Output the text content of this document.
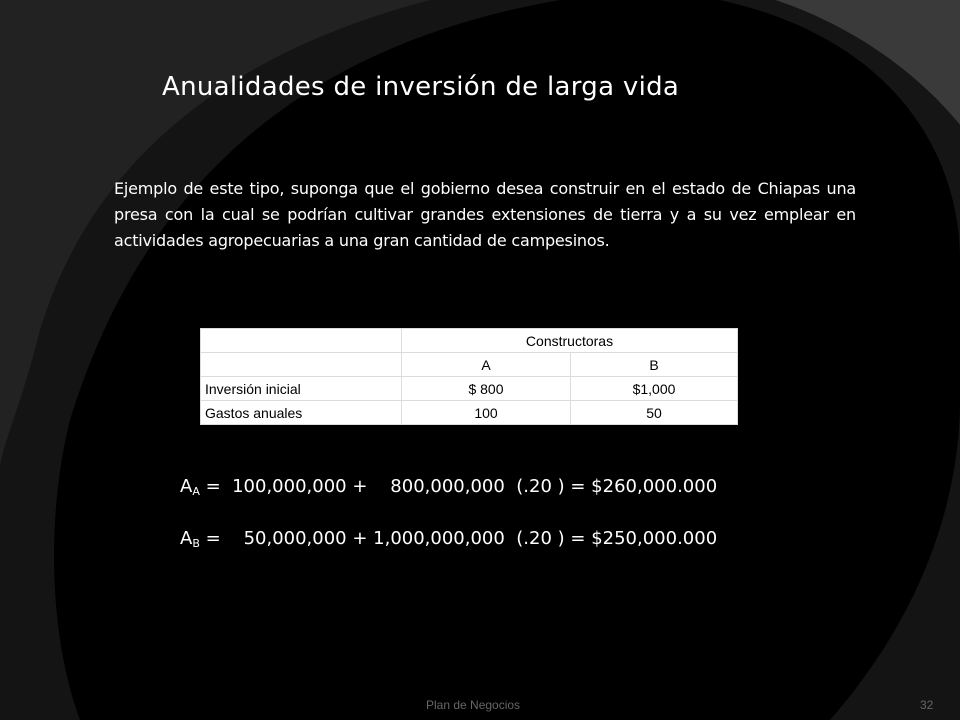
Anualidades de inversión de larga vida

Ejemplo de este tipo, suponga que el gobierno desea construir en el estado de Chiapas una presa con la cual se podrían cultivar grandes extensiones de tierra y a su vez emplear en actividades agropecuarias a una gran cantidad de campesinos.

	Constructoras	
	A	B
Inversión inicial	$ 800	$1,000
Gastos anuales	100	50

$A_A = 100,000,000$ +    800,000,000  (.20 ) = $260,000.000

$A_B$ =    50,000,000 + 1,000,000,000  (.20 ) = $250,000.000

Plan de Negocios	32
